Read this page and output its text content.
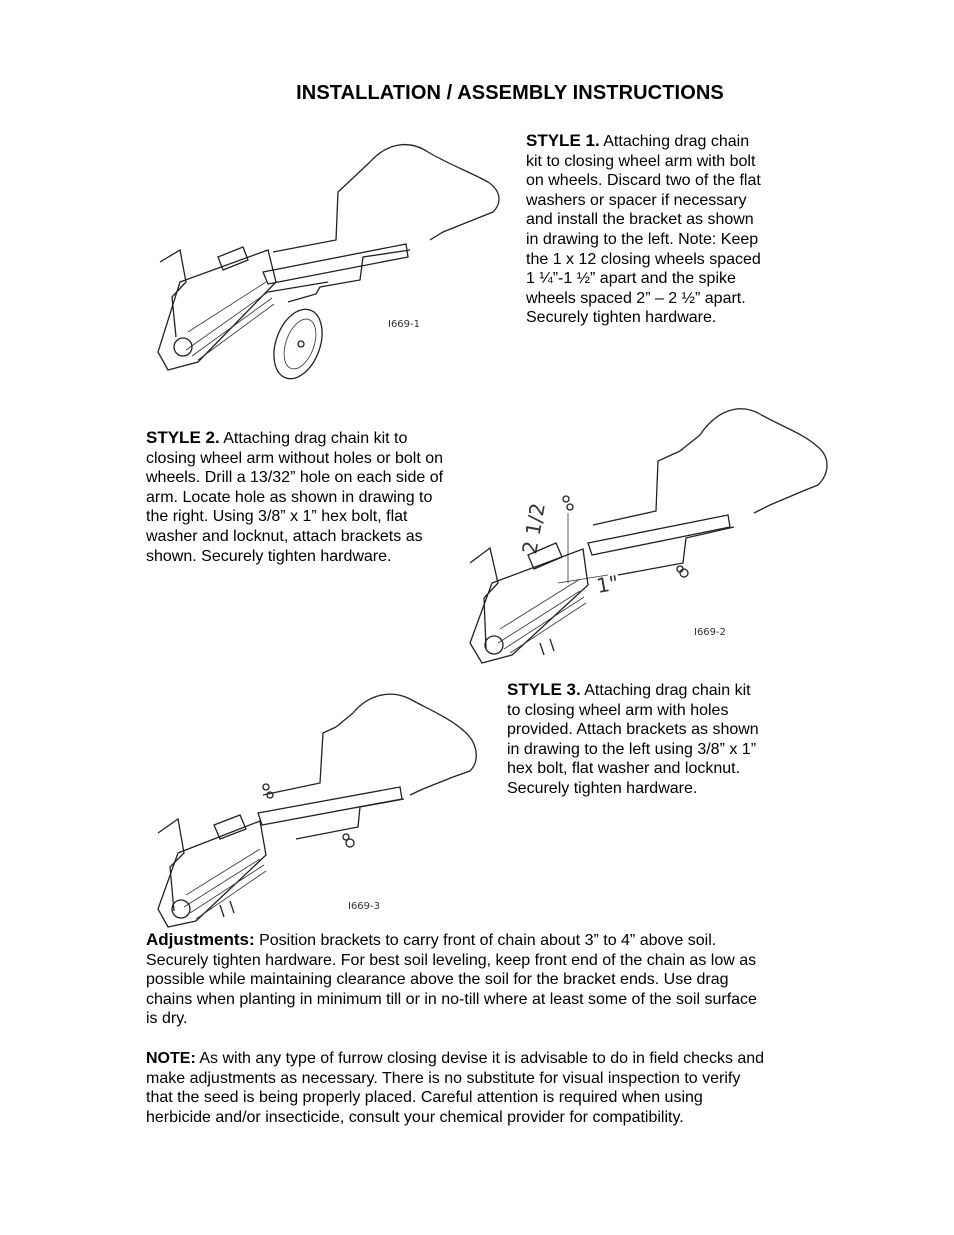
INSTALLATION / ASSEMBLY INSTRUCTIONS
STYLE 1. Attaching drag chain kit to closing wheel arm with bolt on wheels. Discard two of the flat washers or spacer if necessary and install the bracket as shown in drawing to the left. Note: Keep the 1 x 12 closing wheels spaced 1 ¼”-1 ½” apart and the spike wheels spaced 2” – 2 ½” apart. Securely tighten hardware.
STYLE 2. Attaching drag chain kit to closing wheel arm without holes or bolt on wheels. Drill a 13/32” hole on each side of arm. Locate hole as shown in drawing to the right. Using 3/8” x 1” hex bolt, flat washer and locknut, attach brackets as shown. Securely tighten hardware.
STYLE 3. Attaching drag chain kit to closing wheel arm with holes provided. Attach brackets as shown in drawing to the left using 3/8” x 1” hex bolt, flat washer and locknut. Securely tighten hardware.
Adjustments: Position brackets to carry front of chain about 3” to 4” above soil. Securely tighten hardware. For best soil leveling, keep front end of the chain as low as possible while maintaining clearance above the soil for the bracket ends. Use drag chains when planting in minimum till or in no-till where at least some of the soil surface is dry.
NOTE: As with any type of furrow closing devise it is advisable to do in field checks and make adjustments as necessary. There is no substitute for visual inspection to verify that the seed is being properly placed. Careful attention is required when using herbicide and/or insecticide, consult your chemical provider for compatibility.
I669-1
2 1/2
1"
I669-2
I669-3
